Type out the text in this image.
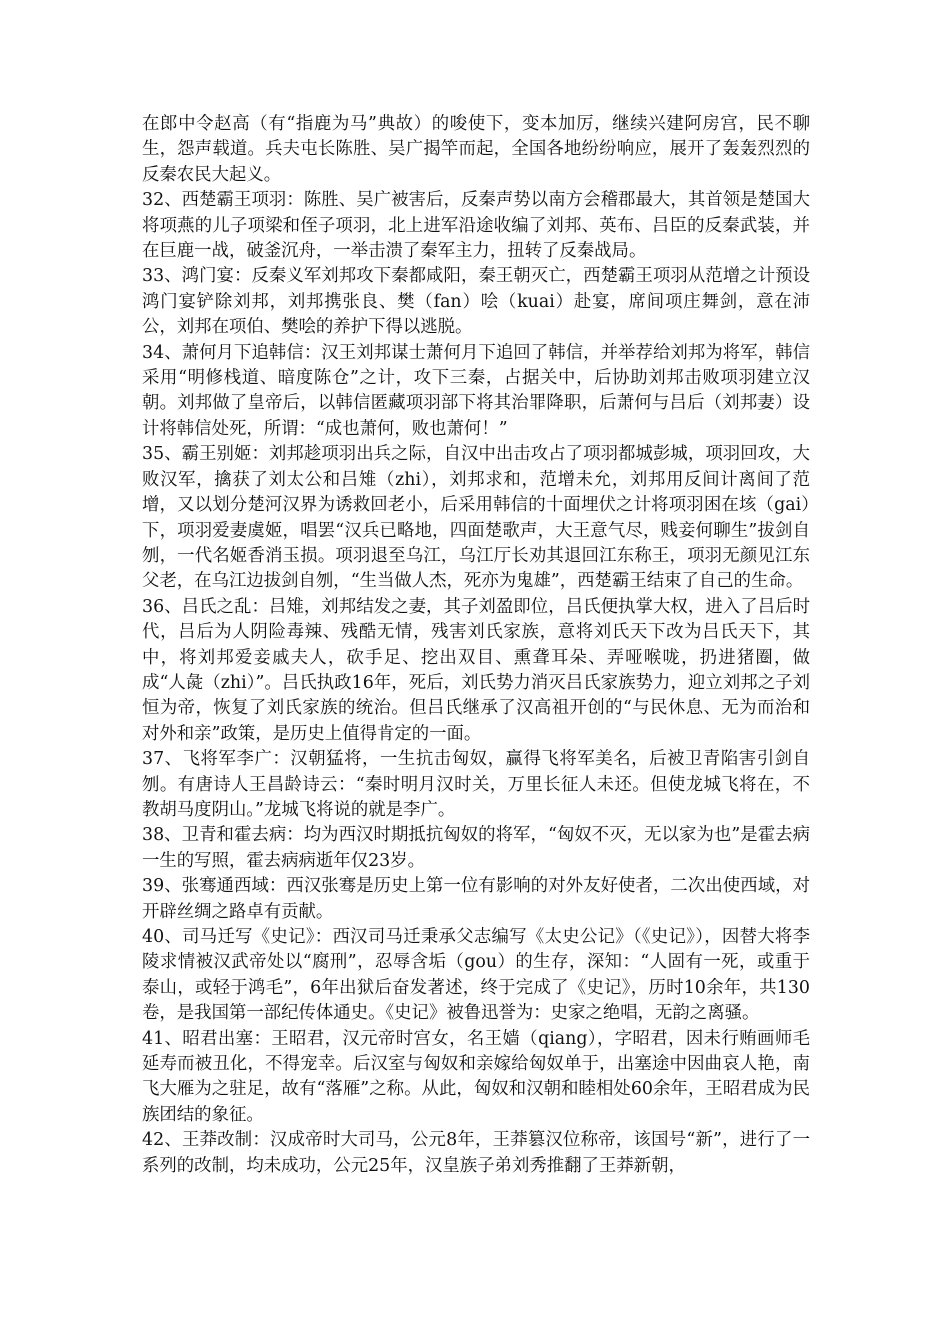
在郎中令赵高（有“指鹿为马”典故）的唆使下，变本加厉，继续兴建阿房宫，民不聊生，怨声载道。兵夫屯长陈胜、吴广揭竿而起，全国各地纷纷响应，展开了轰轰烈烈的反秦农民大起义。

32、西楚霸王项羽：陈胜、吴广被害后，反秦声势以南方会稽郡最大，其首领是楚国大将项燕的儿子项梁和侄子项羽，北上进军沿途收编了刘邦、英布、吕臣的反秦武装，并在巨鹿一战，破釜沉舟，一举击溃了秦军主力，扭转了反秦战局。

33、鸿门宴：反秦义军刘邦攻下秦都咸阳，秦王朝灭亡，西楚霸王项羽从范增之计预设鸿门宴铲除刘邦，刘邦携张良、樊（fan）哙（kuai）赴宴，席间项庄舞剑，意在沛公，刘邦在项伯、樊哙的养护下得以逃脱。

34、萧何月下追韩信：汉王刘邦谋士萧何月下追回了韩信，并举荐给刘邦为将军，韩信采用“明修栈道、暗度陈仓”之计，攻下三秦，占据关中，后协助刘邦击败项羽建立汉朝。刘邦做了皇帝后，以韩信匿藏项羽部下将其治罪降职，后萧何与吕后（刘邦妻）设计将韩信处死，所谓：“成也萧何，败也萧何！”

35、霸王别姬：刘邦趁项羽出兵之际，自汉中出击攻占了项羽都城彭城，项羽回攻，大败汉军，擒获了刘太公和吕雉（zhi），刘邦求和，范增未允，刘邦用反间计离间了范增，又以划分楚河汉界为诱救回老小，后采用韩信的十面埋伏之计将项羽困在垓（gai）下，项羽爱妻虞姬，唱罢“汉兵已略地，四面楚歌声，大王意气尽，贱妾何聊生”拔剑自刎，一代名姬香消玉损。项羽退至乌江，乌江厅长劝其退回江东称王，项羽无颜见江东父老，在乌江边拔剑自刎，“生当做人杰，死亦为鬼雄”，西楚霸王结束了自己的生命。

36、吕氏之乱：吕雉，刘邦结发之妻，其子刘盈即位，吕氏便执掌大权，进入了吕后时代，吕后为人阴险毒辣、残酷无情，残害刘氏家族，意将刘氏天下改为吕氏天下，其中，将刘邦爱妾戚夫人，砍手足、挖出双目、熏聋耳朵、弄哑喉咙，扔进猪圈，做成“人彘（zhi）”。吕氏执政16年，死后，刘氏势力消灭吕氏家族势力，迎立刘邦之子刘恒为帝，恢复了刘氏家族的统治。但吕氏继承了汉高祖开创的“与民休息、无为而治和对外和亲”政策，是历史上值得肯定的一面。

37、飞将军李广：汉朝猛将，一生抗击匈奴，赢得飞将军美名，后被卫青陷害引剑自刎。有唐诗人王昌龄诗云：“秦时明月汉时关，万里长征人未还。但使龙城飞将在，不教胡马度阴山。”龙城飞将说的就是李广。

38、卫青和霍去病：均为西汉时期抵抗匈奴的将军，“匈奴不灭，无以家为也”是霍去病一生的写照，霍去病病逝年仅23岁。

39、张骞通西域：西汉张骞是历史上第一位有影响的对外友好使者，二次出使西域，对开辟丝绸之路卓有贡献。

40、司马迁写《史记》：西汉司马迁秉承父志编写《太史公记》（《史记》），因替大将李陵求情被汉武帝处以“腐刑”，忍辱含垢（gou）的生存，深知：“人固有一死，或重于泰山，或轻于鸿毛”，6年出狱后奋发著述，终于完成了《史记》，历时10余年，共130卷，是我国第一部纪传体通史。《史记》被鲁迅誉为：史家之绝唱，无韵之离骚。

41、昭君出塞：王昭君，汉元帝时宫女，名王嫱（qiang），字昭君，因未行贿画师毛延寿而被丑化，不得宠幸。后汉室与匈奴和亲嫁给匈奴单于，出塞途中因曲哀人艳，南飞大雁为之驻足，故有“落雁”之称。从此，匈奴和汉朝和睦相处60余年，王昭君成为民族团结的象征。

42、王莽改制：汉成帝时大司马，公元8年，王莽篡汉位称帝，该国号“新”，进行了一系列的改制，均未成功，公元25年，汉皇族子弟刘秀推翻了王莽新朝，
